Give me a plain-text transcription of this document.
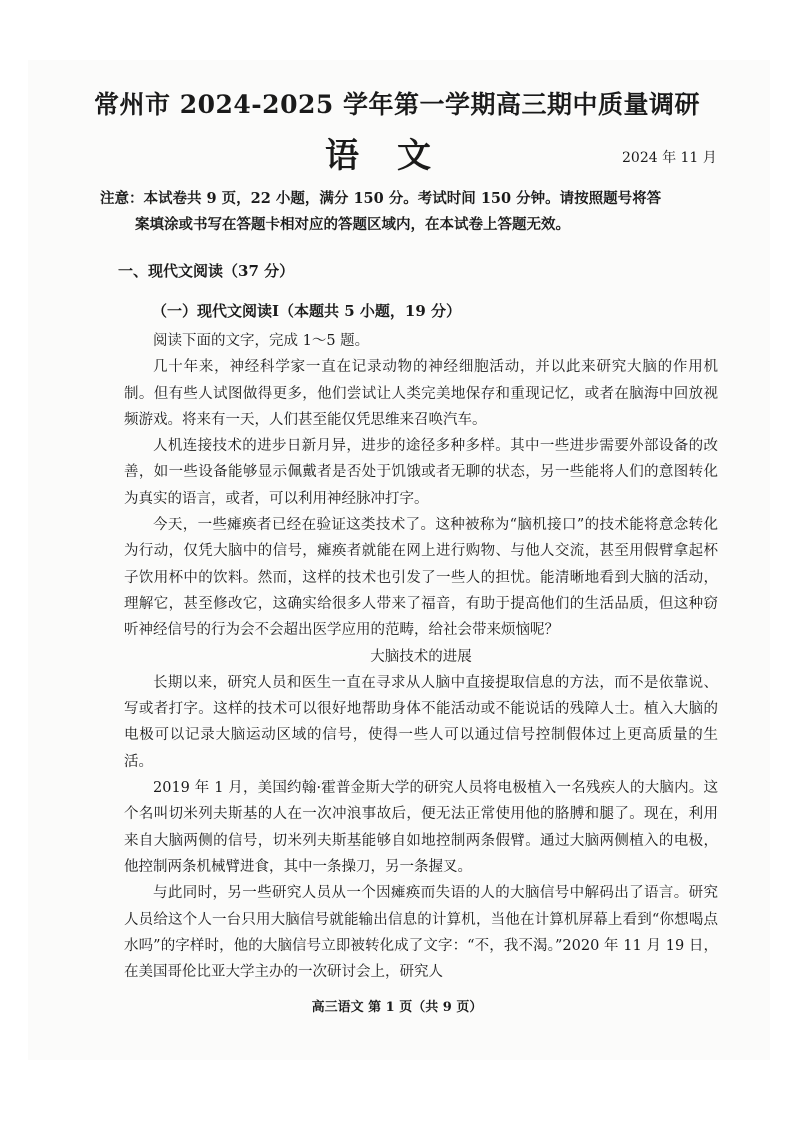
常州市 2024-2025 学年第一学期高三期中质量调研
语文	2024 年 11 月
注意：本试卷共 9 页，22 小题，满分 150 分。考试时间 150 分钟。请按照题号将答
案填涂或书写在答题卡相对应的答题区域内，在本试卷上答题无效。
一、现代文阅读（37 分）
（一）现代文阅读Ⅰ（本题共 5 小题，19 分）

阅读下面的文字，完成 1～5 题。

几十年来，神经科学家一直在记录动物的神经细胞活动，并以此来研究大脑的作用机制。但有些人试图做得更多，他们尝试让人类完美地保存和重现记忆，或者在脑海中回放视频游戏。将来有一天，人们甚至能仅凭思维来召唤汽车。

人机连接技术的进步日新月异，进步的途径多种多样。其中一些进步需要外部设备的改善，如一些设备能够显示佩戴者是否处于饥饿或者无聊的状态，另一些能将人们的意图转化为真实的语言，或者，可以利用神经脉冲打字。

今天，一些瘫痪者已经在验证这类技术了。这种被称为“脑机接口”的技术能将意念转化为行动，仅凭大脑中的信号，瘫痪者就能在网上进行购物、与他人交流，甚至用假臂拿起杯子饮用杯中的饮料。然而，这样的技术也引发了一些人的担忧。能清晰地看到大脑的活动，理解它，甚至修改它，这确实给很多人带来了福音，有助于提高他们的生活品质，但这种窃听神经信号的行为会不会超出医学应用的范畴，给社会带来烦恼呢？

大脑技术的进展

长期以来，研究人员和医生一直在寻求从人脑中直接提取信息的方法，而不是依靠说、写或者打字。这样的技术可以很好地帮助身体不能活动或不能说话的残障人士。植入大脑的电极可以记录大脑运动区域的信号，使得一些人可以通过信号控制假体过上更高质量的生活。

2019 年 1 月，美国约翰·霍普金斯大学的研究人员将电极植入一名残疾人的大脑内。这个名叫切米列夫斯基的人在一次冲浪事故后，便无法正常使用他的胳膊和腿了。现在，利用来自大脑两侧的信号，切米列夫斯基能够自如地控制两条假臂。通过大脑两侧植入的电极，他控制两条机械臂进食，其中一条操刀，另一条握叉。

与此同时，另一些研究人员从一个因瘫痪而失语的人的大脑信号中解码出了语言。研究人员给这个人一台只用大脑信号就能输出信息的计算机，当他在计算机屏幕上看到“你想喝点水吗”的字样时，他的大脑信号立即被转化成了文字：“不，我不渴。”2020 年 11 月 19 日，在美国哥伦比亚大学主办的一次研讨会上，研究人

高三语文 第 1 页（共 9 页）
